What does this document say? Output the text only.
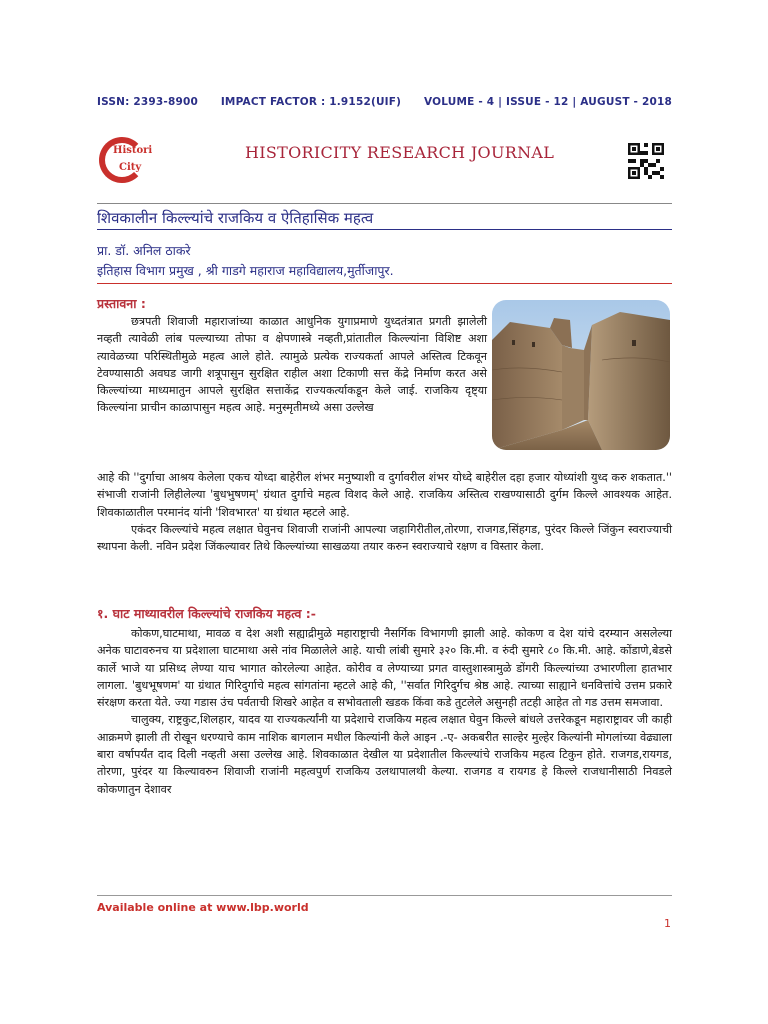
ISSN: 2393-8900 IMPACT FACTOR : 1.9152(UIF) VOLUME - 4 | ISSUE - 12 | AUGUST - 2018
Histori
City
HISTORICITY RESEARCH JOURNAL
शिवकालीन किल्ल्यांचे राजकिय व ऐतिहासिक महत्व
प्रा. डॉ. अनिल ठाकरे
इतिहास विभाग प्रमुख , श्री गाडगे महाराज महाविद्यालय,मुर्तीजापुर.
प्रस्तावना :

छत्रपती शिवाजी महाराजांच्या काळात आधुनिक युगाप्रमाणे युध्दतंत्रात प्रगती झालेली नव्हती त्यावेळी लांब पल्ल्याच्या तोफा व क्षेपणास्त्रे नव्हती,प्रांतातील किल्ल्यांना विशिष्ट अशा त्यावेळच्या परिस्थितीमुळे महत्व आले होते. त्यामुळे प्रत्येक राज्यकर्ता आपले अस्तित्व टिकवून टेवण्यासाठी अवघड जागी शत्रूपासुन सुरक्षित राहील अशा टिकाणी सत्त केंद्रे निर्माण करत असे किल्ल्यांच्या माध्यमातुन आपले सुरक्षित सत्ताकेंद्र राज्यकर्त्याकडून केले जाई. राजकिय दृष्ट्या किल्ल्यांना प्राचीन काळापासुन महत्व आहे. मनुस्मृतीमध्ये असा उल्लेख

आहे की ''दुर्गाचा आश्रय केलेला एकच योध्दा बाहेरील शंभर मनुष्याशी व दुर्गावरील शंभर योध्दे बाहेरील दहा हजार योध्यांशी युध्द करु शकतात.'' संभाजी राजांनी लिहीलेल्या 'बुधभुषणम्' ग्रंथात दुर्गाचे महत्व विशद केले आहे. राजकिय अस्तित्व राखण्यासाठी दुर्गम किल्ले आवश्यक आहेत. शिवकाळातील परमानंद यांनी 'शिवभारत' या ग्रंथात म्हटले आहे.

एकंदर किल्ल्यांचे महत्व लक्षात घेवुनच शिवाजी राजांनी आपल्या जहागिरीतील,तोरणा, राजगड,सिंहगड, पुरंदर किल्ले जिंकुन स्वराज्याची स्थापना केली. नविन प्रदेश जिंकल्यावर तिथे किल्ल्यांच्या साखळया तयार करुन स्वराज्याचे रक्षण व विस्तार केला.

१. घाट माथ्यावरील किल्ल्यांचे राजकिय महत्व :-

कोकण,घाटमाथा, मावळ व देश अशी सह्याद्रीमुळे महाराष्ट्राची नैसर्गिक विभागणी झाली आहे. कोकण व देश यांचे दरम्यान असलेल्या अनेक घाटावरुनच या प्रदेशाला घाटमाथा असे नांव मिळालेले आहे. याची लांबी सुमारे ३२० कि.मी. व रुंदी सुमारे ८० कि.मी. आहे. कोंडाणे,बेडसे कार्ले भाजे या प्रसिध्द लेण्या याच भागात कोरलेल्या आहेत. कोरीव व लेण्याच्या प्रगत वास्तुशास्त्रामुळे डोंगरी किल्ल्यांच्या उभारणीला हातभार लागला. 'बुधभूषणम' या ग्रंथात गिरिदुर्गाचे महत्व सांगतांना म्हटले आहे की, ''सर्वात गिरिदुर्गच श्रेष्ठ आहे. त्याच्या साह्याने धनवित्तांचे उत्तम प्रकारे संरक्षण करता येते. ज्या गडास उंच पर्वताची शिखरे आहेत व सभोवताली खडक किंवा कडे तुटलेले असुनही तटही आहेत तो गड उत्तम समजावा.

चालुक्य, राष्ट्रकुट,शिलहार, यादव या राज्यकर्त्यांनी या प्रदेशाचे राजकिय महत्व लक्षात घेवुन किल्ले बांधले उत्तरेकडून महाराष्ट्रावर जी काही आक्रमणे झाली ती रोखून धरण्याचे काम नाशिक बागलान मधील किल्यांनी केले आइन .-ए- अकबरीत साल्हेर मुल्हेर किल्यांनी मोगलांच्या वेढ्याला बारा वर्षापर्यंत दाद दिली नव्हती असा उल्लेख आहे. शिवकाळात देखील या प्रदेशातील किल्ल्यांचे राजकिय महत्व टिकुन होते. राजगड,रायगड, तोरणा, पुरंदर या किल्यावरुन शिवाजी राजांनी महत्वपुर्ण राजकिय उलथापालथी केल्या. राजगड व रायगड हे किल्ले राजधानीसाठी निवडले कोकणातुन देशावर

Available online at www.lbp.world
1
